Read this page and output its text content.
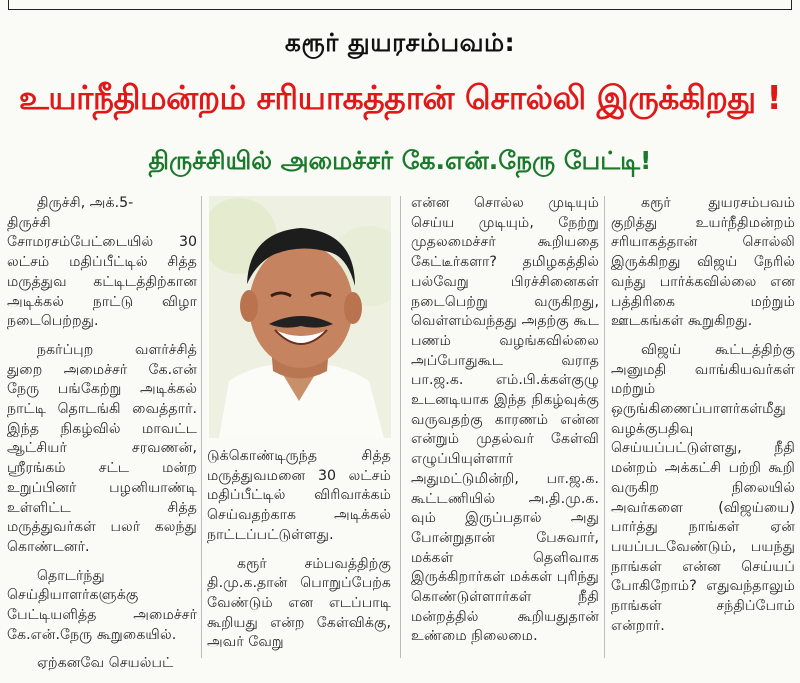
கரூர் துயரசம்பவம்:
உயர்நீதிமன்றம் சரியாகத்தான் சொல்லி இருக்கிறது !
திருச்சியில் அமைச்சர் கே.என்.நேரு பேட்டி!

திருச்சி, அக்.5-

திருச்சி சோமரசம்பேட்டையில் 30 லட்சம் மதிப்பீட்டில் சித்த மருத்துவ கட்டிடத்திற்கான அடிக்கல் நாட்டு விழா நடைபெற்றது.

நகர்ப்புற வளர்ச்சித் துறை அமைச்சர் கே.என் நேரு பங்கேற்று அடிக்கல் நாட்டி தொடங்கி வைத்தார். இந்த நிகழ்வில் மாவட்ட ஆட்சியர் சரவணன், ஸ்ரீரங்கம் சட்ட மன்ற உறுப்பினர் பழனியாண்டி உள்ளிட்ட சித்த மருத்துவர்கள் பலர் கலந்து கொண்டனர்.

தொடர்ந்து செய்தியாளர்களுக்கு பேட்டியளித்த அமைச்சர் கே.என்.நேரு கூறுகையில்.

ஏற்கனவே செயல்பட்

டுக்கொண்டிருந்த சித்த மருத்துவமனை 30 லட்சம் மதிப்பீட்டில் விரிவாக்கம் செய்வதற்காக அடிக்கல் நாட்டப்பட்டுள்ளது.

கரூர் சம்பவத்திற்கு தி.மு.க.தான் பொறுப்பேற்க வேண்டும் என எடப்பாடி கூறியது என்ற கேள்விக்கு, அவர் வேறு

என்ன சொல்ல முடியும் செய்ய முடியும், நேற்று முதலமைச்சர் கூறியதை கேட்டீர்களா? தமிழகத்தில் பல்வேறு பிரச்சினைகள் நடைபெற்று வருகிறது, வெள்ளம்வந்தது அதற்கு கூட பணம் வழங்கவில்லை அப்போதுகூட வராத பா.ஜ.க. எம்.பி.க்கள்குழு உடனடியாக இந்த நிகழ்வுக்கு வருவதற்கு காரணம் என்ன என்றும் முதல்வர் கேள்வி எழுப்பியுள்ளார் அதுமட்டுமின்றி, பா.ஜ.க. கூட்டணியில் அ.தி.மு.க. வும் இருப்பதால் அது போன்றுதான் பேசுவார், மக்கள் தெளிவாக இருக்கிறார்கள் மக்கள் புரிந்து கொண்டுள்ளார்கள் நீதி மன்றத்தில் கூறியதுதான் உண்மை நிலைமை.

கரூர் துயரசம்பவம் குறித்து உயர்நீதிமன்றம் சரியாகத்தான் சொல்லி இருக்கிறது விஜய் நேரில் வந்து பார்க்கவில்லை என பத்திரிகை மற்றும் ஊடகங்கள் கூறுகிறது.

விஜய் கூட்டத்திற்கு அனுமதி வாங்கியவர்கள் மற்றும் ஒருங்கிணைப்பாளர்கள்மீது வழக்குபதிவு செய்யப்பட்டுள்ளது, நீதி மன்றம் அக்கட்சி பற்றி கூறி வருகிற நிலையில் அவர்களை (விஜய்யை) பார்த்து நாங்கள் ஏன் பயப்படவேண்டும், பயந்து நாங்கள் என்ன செய்யப் போகிறோம்? எதுவந்தாலும் நாங்கள் சந்திப்போம் என்றார்.
